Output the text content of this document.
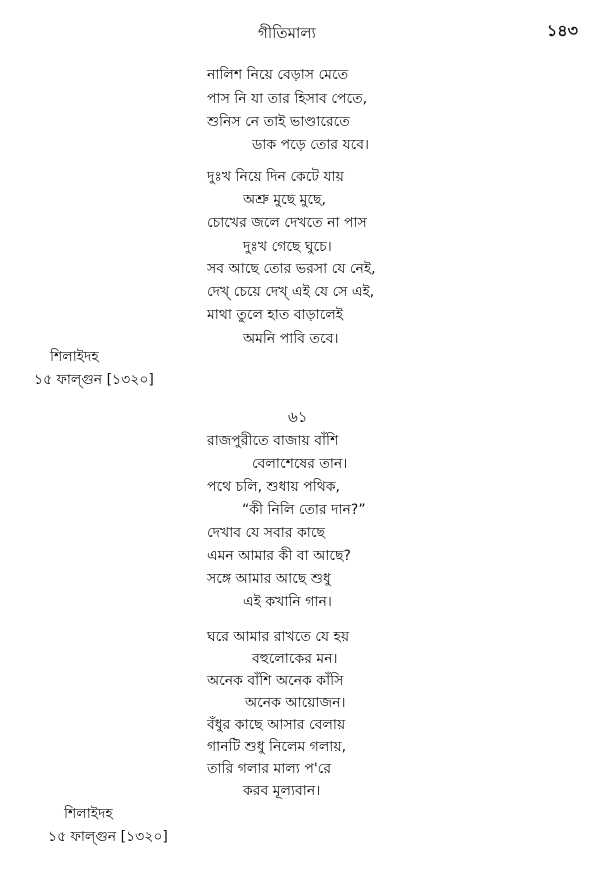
গীতিমাল্য	১৪৩
নালিশ নিয়ে বেড়াস মেতে
পাস নি যা তার হিসাব পেতে,
শুনিস নে তাই ভাণ্ডারেতে
ডাক পড়ে তোর যবে।
দুঃখ নিয়ে দিন কেটে যায়
অশ্রু মুছে মুছে,
চোখের জলে দেখতে না পাস
দুঃখ গেছে ঘুচে।
সব আছে তোর ভরসা যে নেই,
দেখ্‌ চেয়ে দেখ্‌ এই যে সে এই,
মাথা তুলে হাত বাড়ালেই
অমনি পাবি তবে।
শিলাইদহ
১৫ ফাল্গুন [১৩২০]
৬১
রাজপুরীতে বাজায় বাঁশি
বেলাশেষের তান।
পথে চলি, শুধায় পথিক,
“কী নিলি তোর দান?”
দেখাব যে সবার কাছে
এমন আমার কী বা আছে?
সঙ্গে আমার আছে শুধু
এই কখানি গান।
ঘরে আমার রাখতে যে হয়
বহুলোকের মন।
অনেক বাঁশি অনেক কাঁসি
অনেক আয়োজন।
বঁধুর কাছে আসার বেলায়
গানটি শুধু নিলেম গলায়,
তারি গলার মাল্য প'রে
করব মূল্যবান।
শিলাইদহ
১৫ ফাল্গুন [১৩২০]
